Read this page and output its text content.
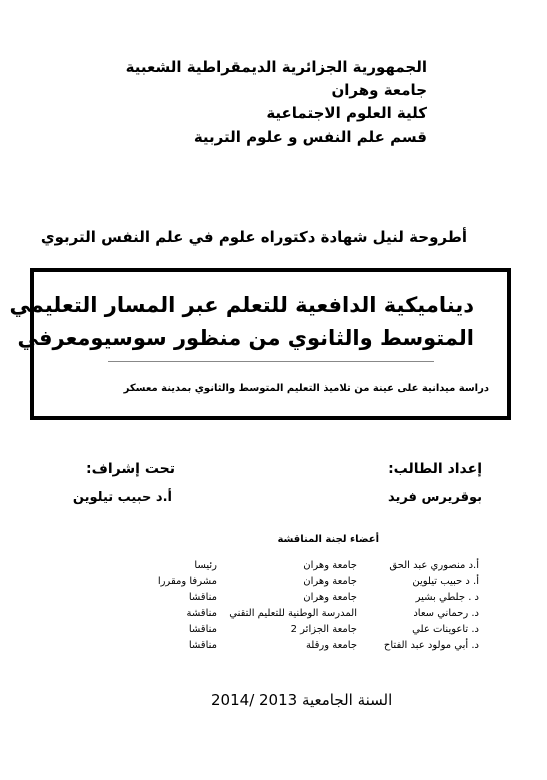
الجمهورية الجزائرية الديمقراطية الشعبية
جامعة وهران
كلية العلوم الاجتماعية
قسم علم النفس و علوم التربية
أطروحة لنيل شهادة دكتوراه علوم في علم النفس التربوي
ديناميكية الدافعية للتعلم عبر المسار التعليمي
المتوسط والثانوي من منظور سوسيومعرفي
دراسة ميدانية على عينة من تلاميذ التعليم المتوسط والثانوي بمدينة معسكر
إعداد الطالب:
بوقريرس فريد
تحت إشراف:
أ.د حبيب تيلوين
أعضاء لجنة المناقشة
أ.د منصوري عبد الحق
جامعة وهران
رئيسا
أ. د حبيب تيلوين
جامعة وهران
مشرفا ومقررا
د . جلطي بشير
جامعة وهران
مناقشا
د. رحماني سعاد
المدرسة الوطنية للتعليم التقني
مناقشة
د. تاعوينات علي
جامعة الجزائر 2
مناقشا
د. أبي مولود عبد الفتاح
جامعة ورقلة
مناقشا
السنة الجامعية 2013 /2014
